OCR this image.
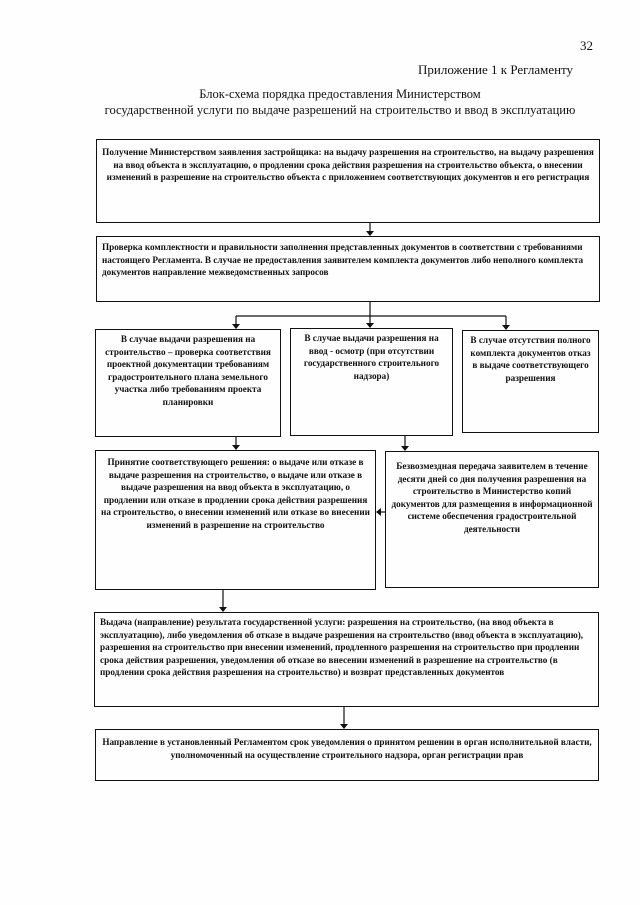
32
Приложение 1 к Регламенту
Блок-схема порядка предоставления Министерством
государственной услуги по выдаче разрешений на строительство и ввод в эксплуатацию
Получение Министерством заявления застройщика: на выдачу разрешения на строительство, на выдачу разрешения на ввод объекта в эксплуатацию, о продлении срока действия разрешения на строительство объекта, о внесении изменений в разрешение на строительство объекта с приложением соответствующих документов и его регистрация
Проверка комплектности и правильности заполнения представленных документов в соответствии с требованиями настоящего Регламента. В случае не предоставления заявителем комплекта документов либо неполного комплекта документов направление межведомственных запросов
В случае выдачи разрешения на строительство – проверка соответствия проектной документации требованиям градостроительного плана земельного участка либо требованиям проекта планировки
В случае выдачи разрешения на ввод - осмотр (при отсутствии государственного строительного надзора)
В случае отсутствия полного комплекта документов отказ в выдаче соответствующего разрешения
Принятие соответствующего решения: о выдаче или отказе в выдаче разрешения на строительство, о выдаче или отказе в выдаче разрешения на ввод объекта в эксплуатацию, о продлении или отказе в продлении срока действия разрешения на строительство, о внесении изменений или отказе во внесении изменений в разрешение на строительство
Безвозмездная передача заявителем в течение десяти дней со дня получения разрешения на строительство в Министерство копий документов для размещения в информационной системе обеспечения градостроительной деятельности
Выдача (направление) результата государственной услуги: разрешения на строительство, (на ввод объекта в эксплуатацию), либо уведомления об отказе в выдаче разрешения на строительство (ввод объекта в эксплуатацию), разрешения на строительство при внесении изменений, продленного разрешения на строительство при продлении срока действия разрешения, уведомления об отказе во внесении изменений в разрешение на строительство (в продлении срока действия разрешения на строительство) и возврат представленных документов
Направление в установленный Регламентом срок уведомления о принятом решении в орган исполнительной власти, уполномоченный на осуществление строительного надзора, орган регистрации прав
